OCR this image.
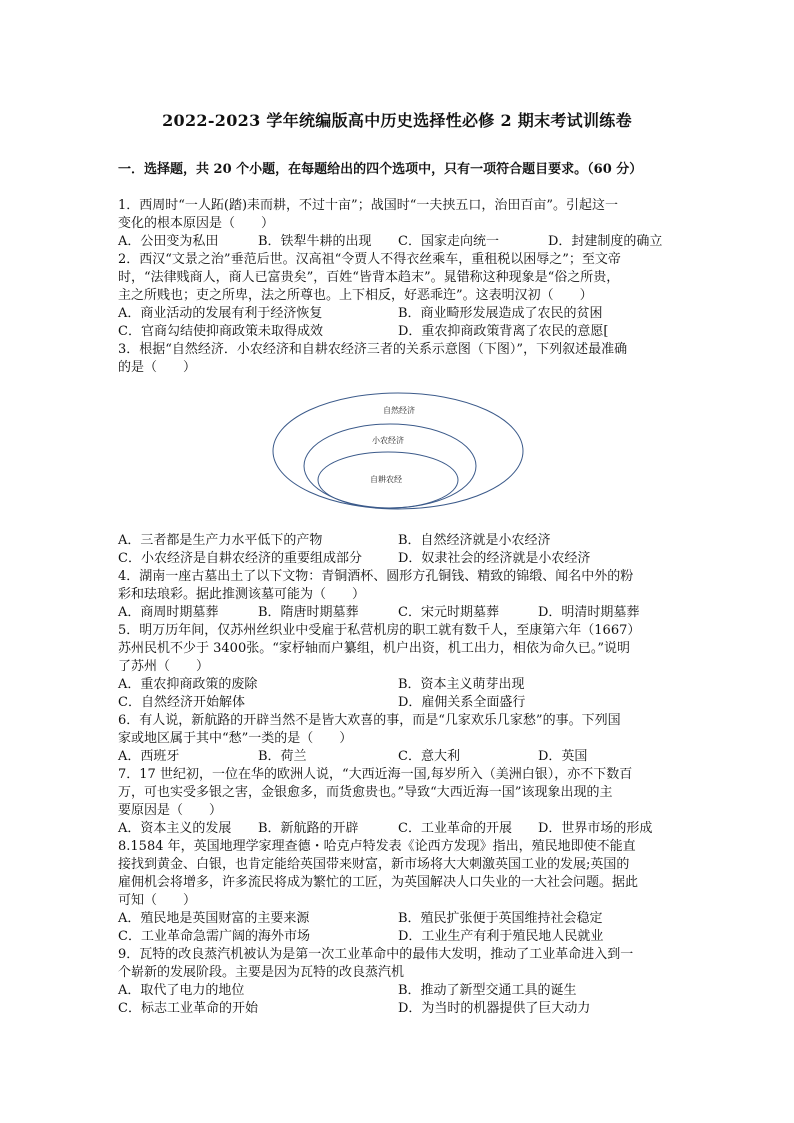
2022-2023 学年统编版高中历史选择性必修 2 期末考试训练卷
一．选择题，共 20 个小题，在每题给出的四个选项中，只有一项符合题目要求。（60 分）
1．西周时“一人跖(踏)耒而耕，不过十亩”；战国时“一夫挟五口，治田百亩”。引起这一
变化的根本原因是（　　）
A．公田变为私田	B．铁犁牛耕的出现 C．国家走向统一	D．封建制度的确立
2．西汉“文景之治”垂范后世。汉高祖“令贾人不得衣丝乘车，重租税以困辱之”；至文帝
时，“法律贱商人，商人已富贵矣”，百姓“皆背本趋末”。晁错称这种现象是“俗之所贵，
主之所贱也；吏之所卑，法之所尊也。上下相反，好恶乖迕”。这表明汉初（　　）
A．商业活动的发展有利于经济恢复	B．商业畸形发展造成了农民的贫困
C．官商勾结使抑商政策未取得成效	D．重农抑商政策背离了农民的意愿[
3．根据“自然经济．小农经济和自耕农经济三者的关系示意图（下图）”，下列叙述最准确
的是（　　）
自然经济
小农经济
自耕农经
A．三者都是生产力水平低下的产物	B．自然经济就是小农经济
C．小农经济是自耕农经济的重要组成部分	D．奴隶社会的经济就是小农经济
4．湖南一座古墓出土了以下文物：青铜酒杯、圆形方孔铜钱、精致的锦缎、闻名中外的粉
彩和珐琅彩。据此推测该墓可能为（　　）
A．商周时期墓葬	B．隋唐时期墓葬	C．宋元时期墓葬	D．明清时期墓葬
5．明万历年间，仅苏州丝织业中受雇于私营机房的职工就有数千人，至康第六年（1667）
苏州民机不少于 3400张。“家杼轴而户纂组，机户出资，机工出力，相依为命久已。”说明
了苏州（　　）
A．重农抑商政策的废除	B．资本主义萌芽出现
C．自然经济开始解体	D．雇佣关系全面盛行
6．有人说，新航路的开辟当然不是皆大欢喜的事，而是“几家欢乐几家愁”的事。下列国
家或地区属于其中“愁”一类的是（　　）
A．西班牙	B．荷兰	C．意大利	D．英国
7．17 世纪初，一位在华的欧洲人说，“大西近海一国,每岁所入（美洲白银），亦不下数百
万，可也实受多银之害，金银愈多，而货愈贵也。”导致“大西近海一国”该现象出现的主
要原因是（　　）
A．资本主义的发展 B．新航路的开辟	C．工业革命的开展 D．世界市场的形成
8.1584 年，英国地理学家理查德・哈克卢特发表《论西方发现》指出，殖民地即使不能直
接找到黄金、白银，也肯定能给英国带来财富，新市场将大大刺激英国工业的发展;英国的
雇佣机会将增多，许多流民将成为繁忙的工匠，为英国解决人口失业的一大社会问题。据此
可知（　　）
A．殖民地是英国财富的主要来源	B．殖民扩张便于英国维持社会稳定
C．工业革命急需广阔的海外市场	D．工业生产有利于殖民地人民就业
9．瓦特的改良蒸汽机被认为是第一次工业革命中的最伟大发明，推动了工业革命进入到一
个崭新的发展阶段。主要是因为瓦特的改良蒸汽机
A．取代了电力的地位	B．推动了新型交通工具的诞生
C．标志工业革命的开始	D．为当时的机器提供了巨大动力
